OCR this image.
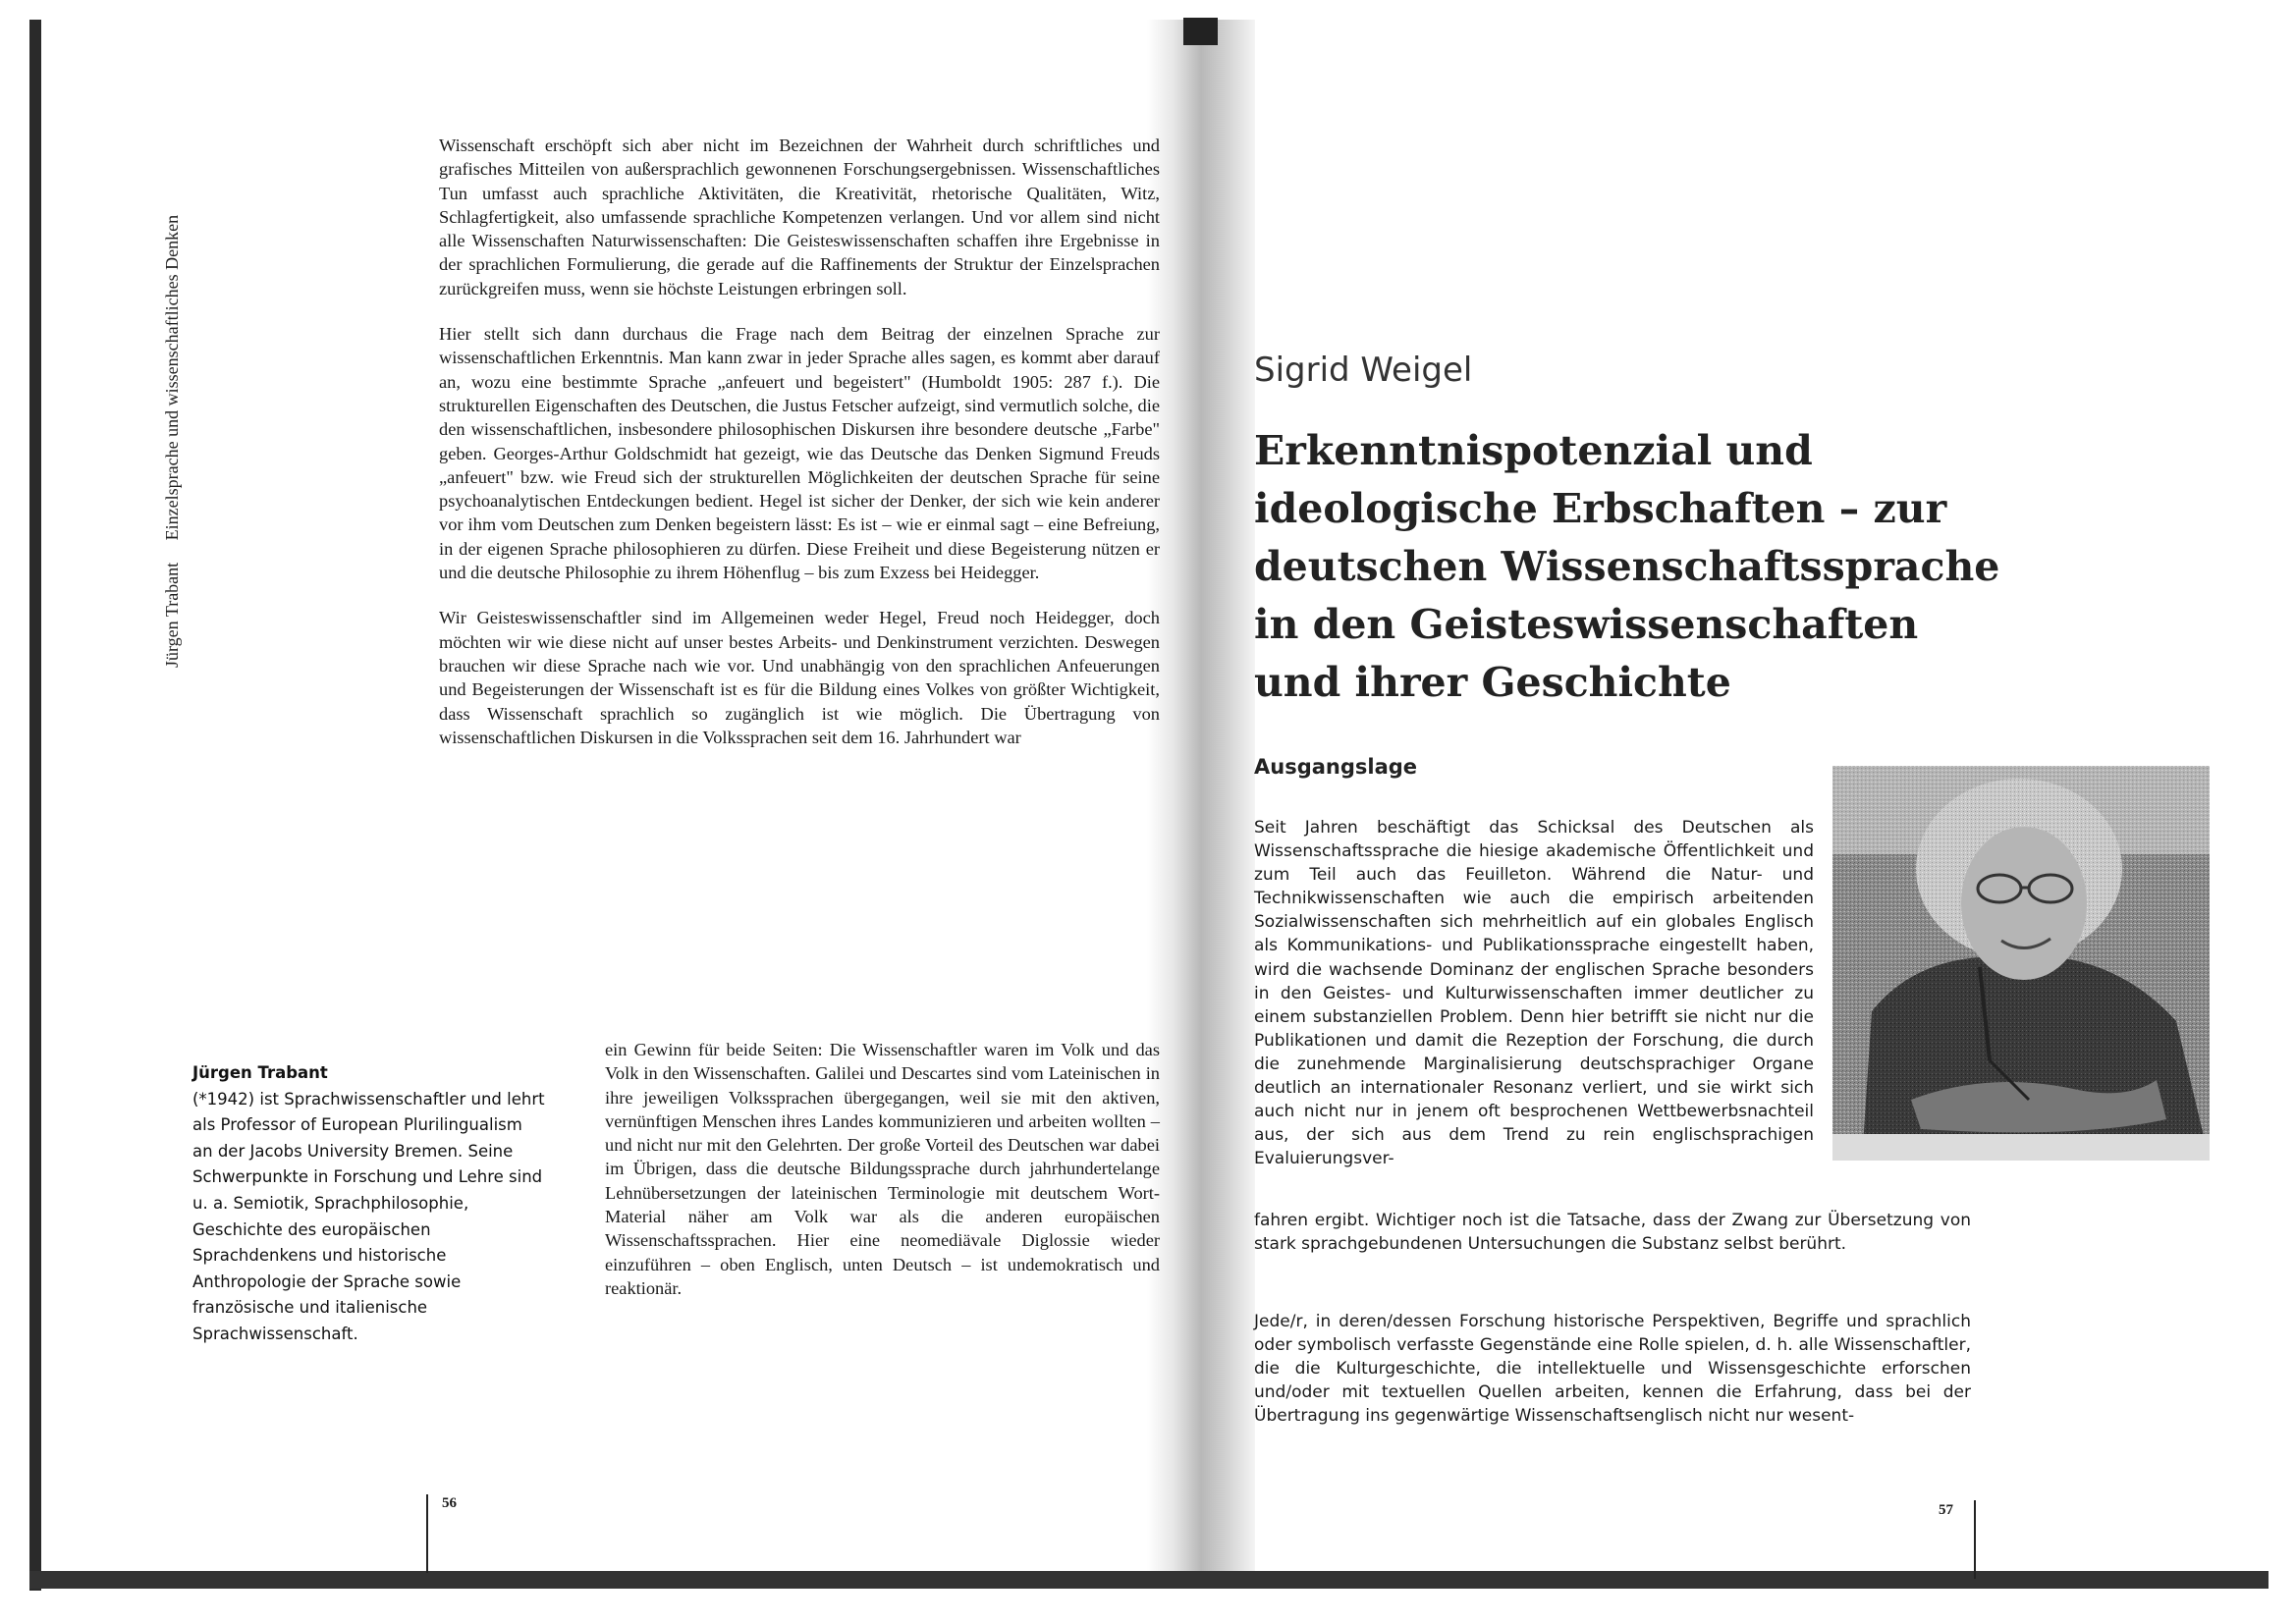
Jürgen Trabant Einzelsprache und wissenschaftliches Denken

Wissenschaft erschöpft sich aber nicht im Bezeichnen der Wahrheit durch schriftliches und grafisches Mitteilen von außersprachlich gewonnenen Forschungsergebnissen. Wissenschaftliches Tun umfasst auch sprachliche Aktivitäten, die Kreativität, rhetorische Qualitäten, Witz, Schlagfertigkeit, also umfassende sprachliche Kompetenzen verlangen. Und vor allem sind nicht alle Wissenschaften Naturwissenschaften: Die Geisteswissenschaften schaffen ihre Ergebnisse in der sprachlichen Formulierung, die gerade auf die Raffinements der Struktur der Einzelsprachen zurückgreifen muss, wenn sie höchste Leistungen erbringen soll.

Hier stellt sich dann durchaus die Frage nach dem Beitrag der einzelnen Sprache zur wissenschaftlichen Erkenntnis. Man kann zwar in jeder Sprache alles sagen, es kommt aber darauf an, wozu eine bestimmte Sprache „anfeuert und begeistert" (Humboldt 1905: 287 f.). Die strukturellen Eigenschaften des Deutschen, die Justus Fetscher aufzeigt, sind vermutlich solche, die den wissenschaftlichen, insbesondere philosophischen Diskursen ihre besondere deutsche „Farbe" geben. Georges-Arthur Goldschmidt hat gezeigt, wie das Deutsche das Denken Sigmund Freuds „anfeuert" bzw. wie Freud sich der strukturellen Möglichkeiten der deutschen Sprache für seine psychoanalytischen Entdeckungen bedient. Hegel ist sicher der Denker, der sich wie kein anderer vor ihm vom Deutschen zum Denken begeistern lässt: Es ist – wie er einmal sagt – eine Befreiung, in der eigenen Sprache philosophieren zu dürfen. Diese Freiheit und diese Begeisterung nützen er und die deutsche Philosophie zu ihrem Höhenflug – bis zum Exzess bei Heidegger.

Wir Geisteswissenschaftler sind im Allgemeinen weder Hegel, Freud noch Heidegger, doch möchten wir wie diese nicht auf unser bestes Arbeits- und Denkinstrument verzichten. Deswegen brauchen wir diese Sprache nach wie vor. Und unabhängig von den sprachlichen Anfeuerungen und Begeisterungen der Wissenschaft ist es für die Bildung eines Volkes von größter Wichtigkeit, dass Wissenschaft sprachlich so zugänglich ist wie möglich. Die Übertragung von wissenschaftlichen Diskursen in die Volkssprachen seit dem 16. Jahrhundert war

ein Gewinn für beide Seiten: Die Wissenschaftler waren im Volk und das Volk in den Wissenschaften. Galilei und Descartes sind vom Lateinischen in ihre jeweiligen Volkssprachen übergegangen, weil sie mit den aktiven, vernünftigen Menschen ihres Landes kommunizieren und arbeiten wollten – und nicht nur mit den Gelehrten. Der große Vorteil des Deutschen war dabei im Übrigen, dass die deutsche Bildungssprache durch jahrhundertelange Lehnübersetzungen der lateinischen Terminologie mit deutschem Wort-Material näher am Volk war als die anderen europäischen Wissenschaftssprachen. Hier eine neomediävale Diglossie wieder einzuführen – oben Englisch, unten Deutsch – ist undemokratisch und reaktionär.

Jürgen Trabant
(*1942) ist Sprachwissenschaftler und lehrt als Professor of European Plurilingualism an der Jacobs University Bremen. Seine Schwerpunkte in Forschung und Lehre sind u. a. Semiotik, Sprachphilosophie, Geschichte des europäischen Sprachdenkens und historische Anthropologie der Sprache sowie französische und italienische Sprachwissenschaft.
56
Sigrid Weigel
Erkenntnispotenzial und ideologische Erbschaften – zur deutschen Wissenschaftssprache in den Geisteswissenschaften und ihrer Geschichte
Ausgangslage

Seit Jahren beschäftigt das Schicksal des Deutschen als Wissenschaftssprache die hiesige akademische Öffentlichkeit und zum Teil auch das Feuilleton. Während die Natur- und Technikwissenschaften wie auch die empirisch arbeitenden Sozialwissenschaften sich mehrheitlich auf ein globales Englisch als Kommunikations- und Publikationssprache eingestellt haben, wird die wachsende Dominanz der englischen Sprache besonders in den Geistes- und Kulturwissenschaften immer deutlicher zu einem substanziellen Problem. Denn hier betrifft sie nicht nur die Publikationen und damit die Rezeption der Forschung, die durch die zunehmende Marginalisierung deutschsprachiger Organe deutlich an internationaler Resonanz verliert, und sie wirkt sich auch nicht nur in jenem oft besprochenen Wettbewerbsnachteil aus, der sich aus dem Trend zu rein englischsprachigen Evaluierungsver-

fahren ergibt. Wichtiger noch ist die Tatsache, dass der Zwang zur Übersetzung von stark sprachgebundenen Untersuchungen die Substanz selbst berührt.

Jede/r, in deren/dessen Forschung historische Perspektiven, Begriffe und sprachlich oder symbolisch verfasste Gegenstände eine Rolle spielen, d. h. alle Wissenschaftler, die die Kulturgeschichte, die intellektuelle und Wissensgeschichte erforschen und/oder mit textuellen Quellen arbeiten, kennen die Erfahrung, dass bei der Übertragung ins gegenwärtige Wissenschaftsenglisch nicht nur wesent-

57
